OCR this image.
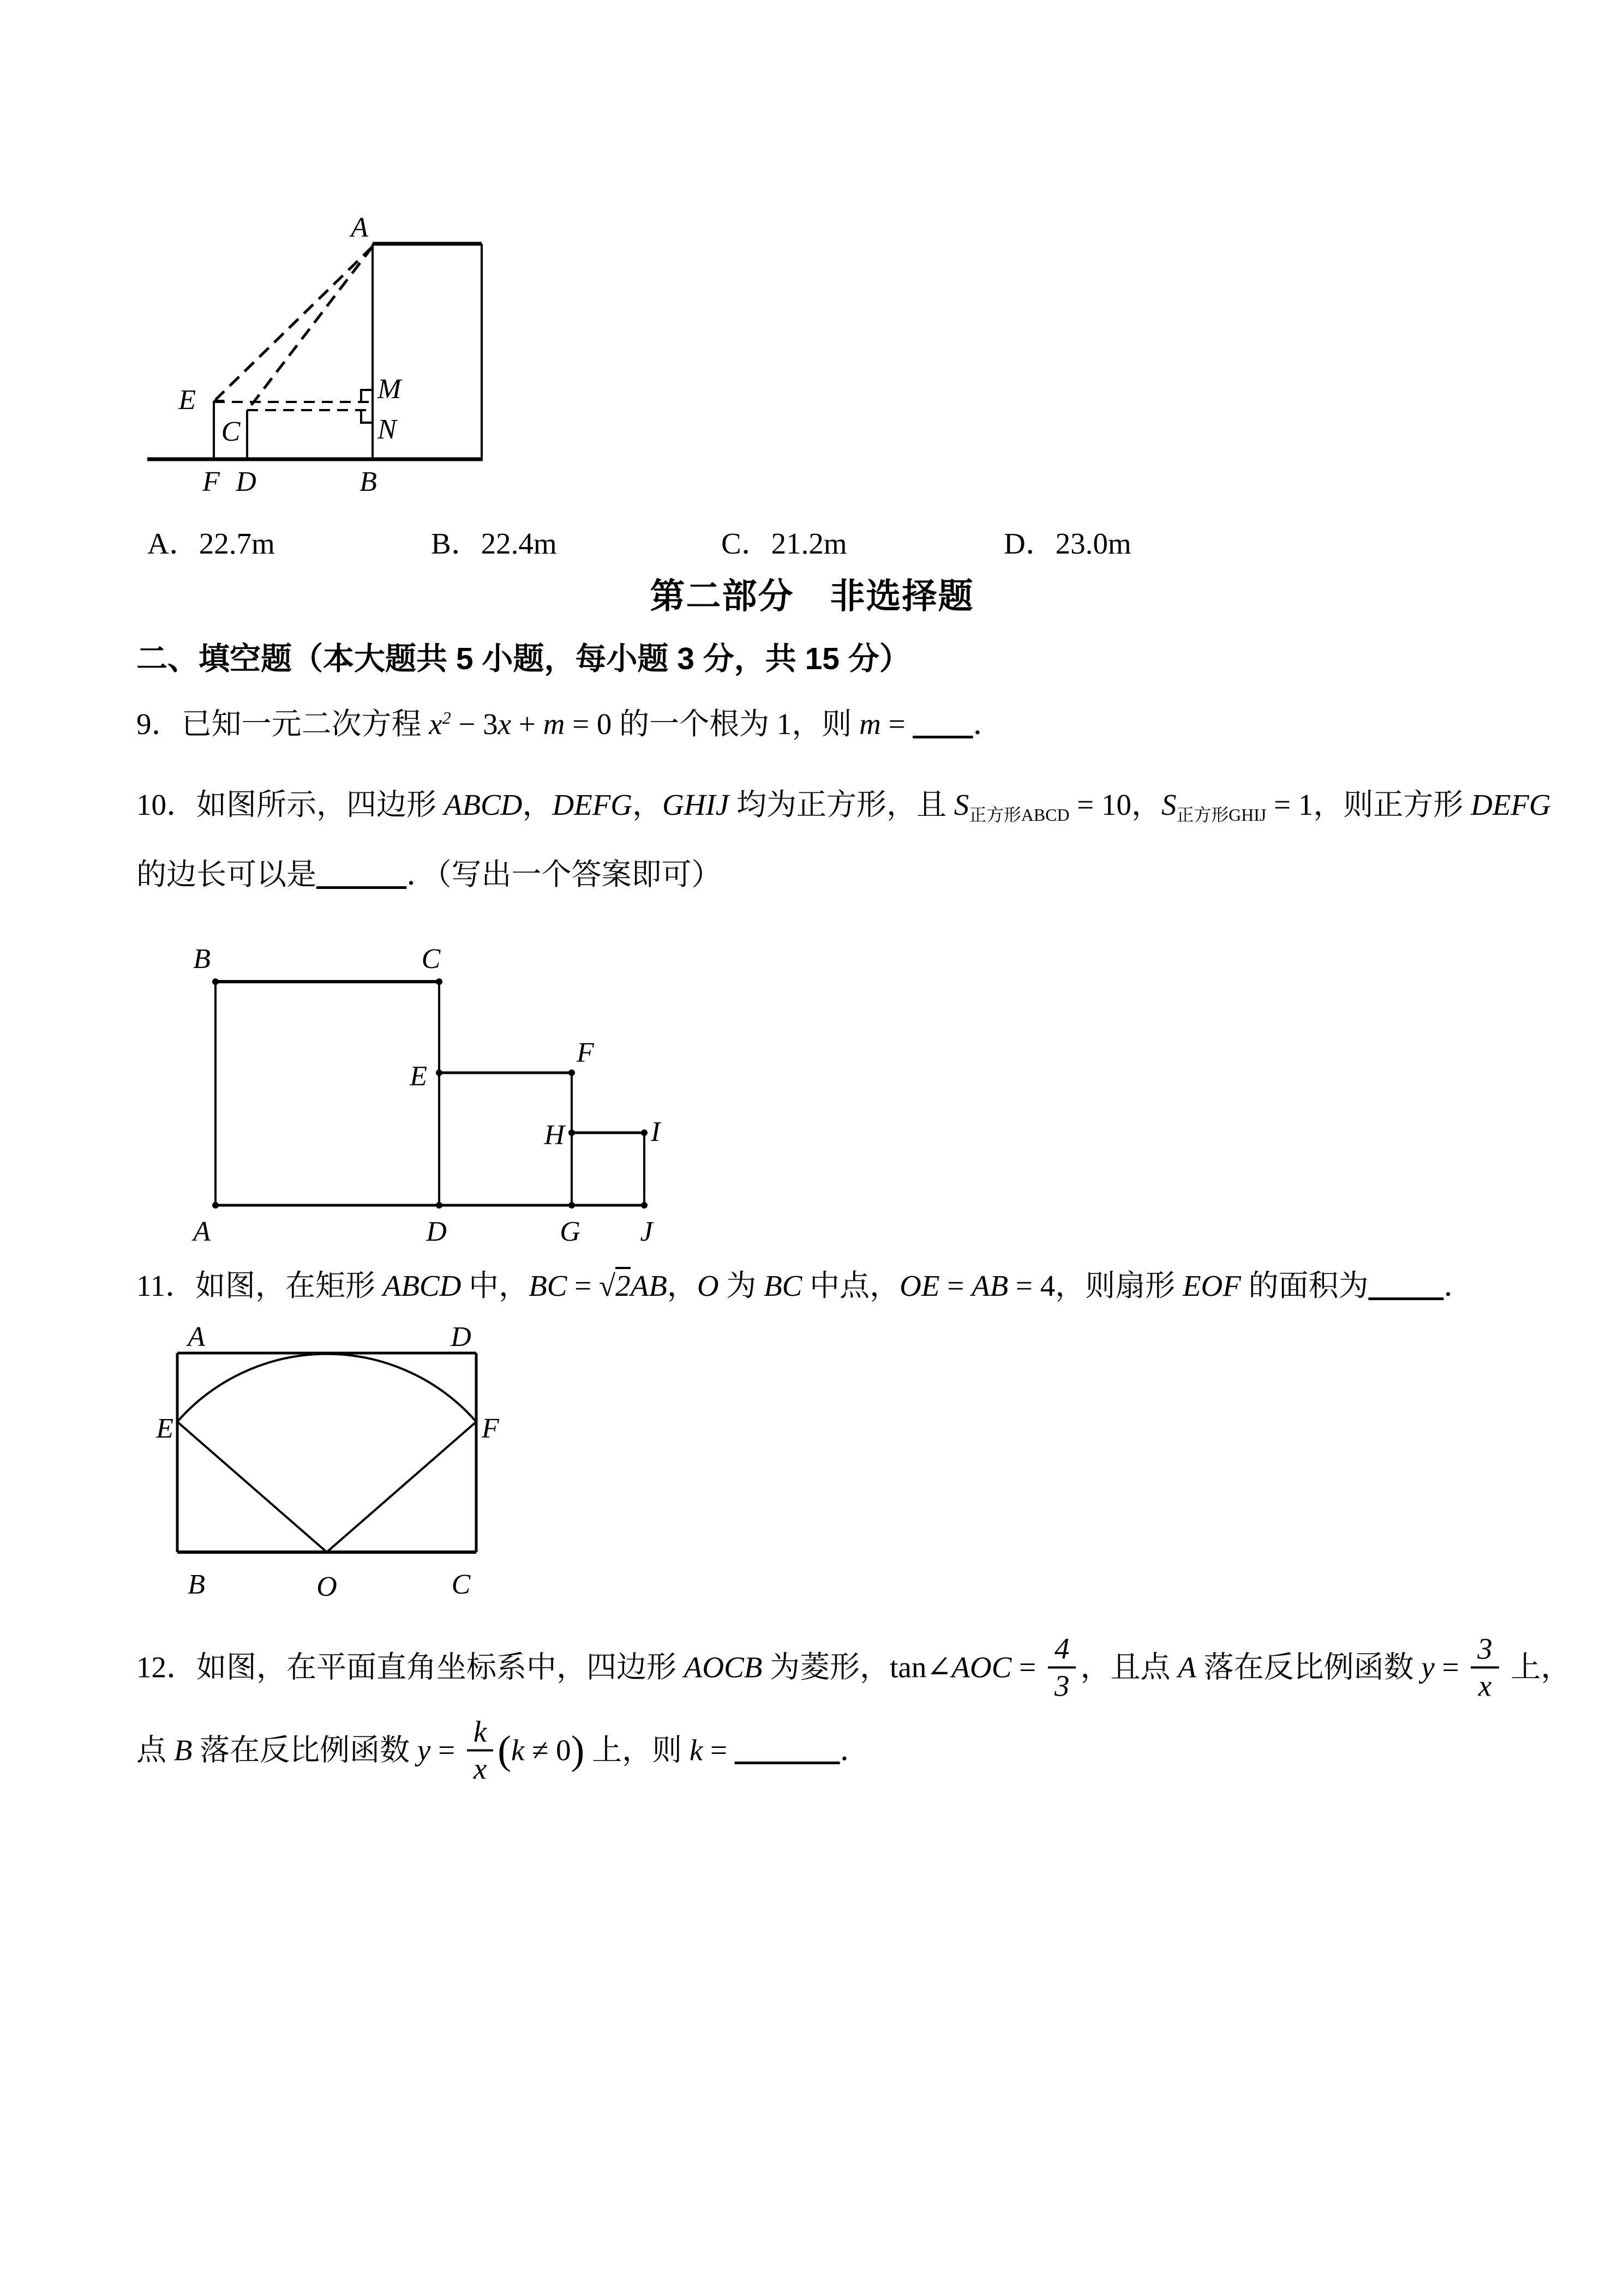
A
E
C
M
N
F D	B
A．22.7m	B．22.4m	C．21.2m	D．23.0m
第二部分　非选择题
二、填空题（本大题共 5 小题，每小题 3 分，共 15 分）
9．已知一元二次方程 $x^2 - 3x + m = 0$ 的一个根为 1，则 m = ____．
10．如图所示，四边形 ABCD，DEFG，GHIJ 均为正方形，且 $S_{正方形ABCD} = 10$，$S_{正方形GHIJ} = 1$，则正方形 DEFG
的边长可以是______．（写出一个答案即可）
B	C
E
F
H	I
A	D	G J
11．如图，在矩形 ABCD 中，BC = √2AB，O 为 BC 中点，OE = AB = 4，则扇形 EOF 的面积为_____．
A	D
E	F
B	O	C
12．如图，在平面直角坐标系中，四边形 AOCB 为菱形，tan∠AOC = $\frac{4}{3}$ ，且点 A 落在反比例函数 $y = \frac{3}{x}$ 上，
点 B 落在反比例函数 $y = \frac{k}{x} (k \ne 0)$ 上，则 k = _______．
